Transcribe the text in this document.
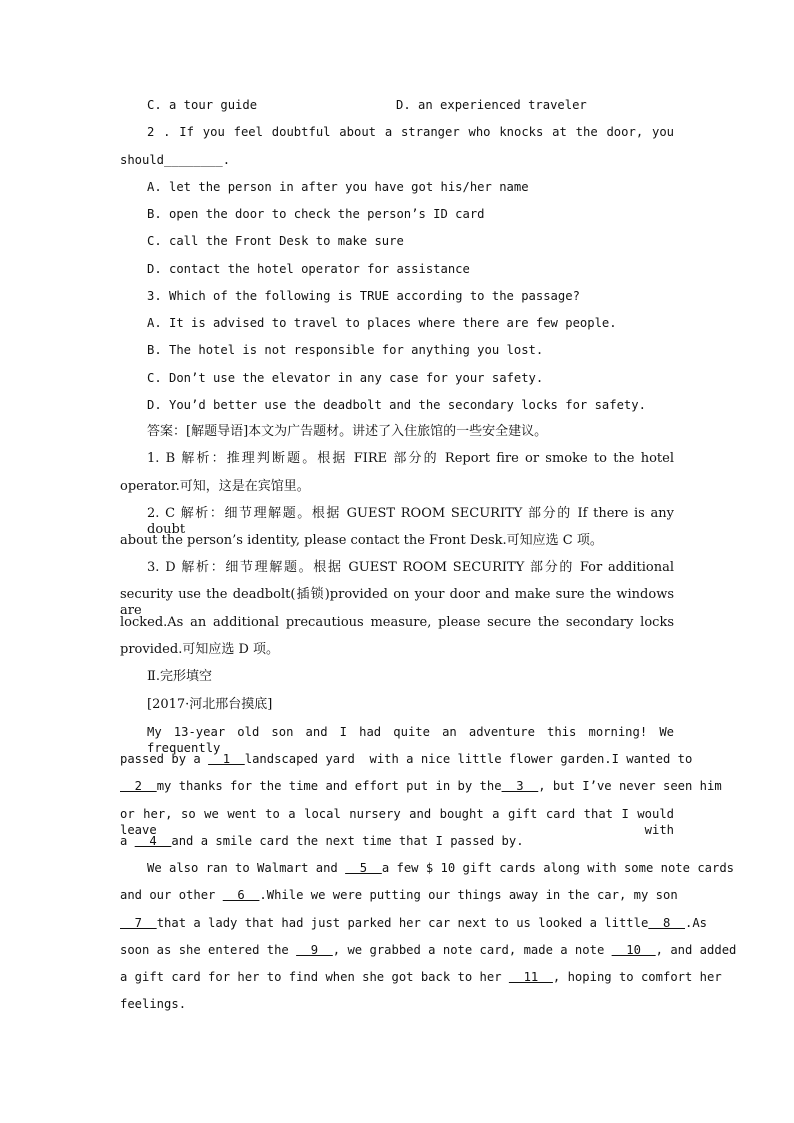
C. a tour guide	D. an experienced traveler
2 . If you feel doubtful about a stranger who knocks at the door, you
should________.
A. let the person in after you have got his/her name
B. open the door to check the person’s ID card
C. call the Front Desk to make sure
D. contact the hotel operator for assistance
3. Which of the following is TRUE according to the passage?
A. It is advised to travel to places where there are few people.
B. The hotel is not responsible for anything you lost.
C. Don’t use the elevator in any case for your safety.
D. You’d better use the deadbolt and the secondary locks for safety.
答案：[解题导语]本文为广告题材。讲述了入住旅馆的一些安全建议。
1. B 解析：推理判断题。根据 FIRE 部分的 Report fire or smoke to the hotel
operator.可知，这是在宾馆里。
2. C 解析：细节理解题。根据 GUEST ROOM SECURITY 部分的 If there is any doubt
about the person’s identity, please contact the Front Desk.可知应选 C 项。
3. D 解析：细节理解题。根据 GUEST ROOM SECURITY 部分的 For additional
security use the deadbolt(插锁)provided on your door and make sure the windows are
locked.As an additional precautious measure, please secure the secondary locks
provided.可知应选 D 项。
Ⅱ.完形填空
[2017·河北邢台摸底]
My 13-year old son and I had quite an adventure this morning! We frequently
passed by a   1  landscaped yard  with a nice little flower garden.I wanted to
2  my thanks for the time and effort put in by the  3  , but I’ve never seen him
or her, so we went to a local nursery and bought a gift card that I would leave with
a   4  and a smile card the next time that I passed by.
We also ran to Walmart and   5  a few $ 10 gift cards along with some note cards
and our other   6  .While we were putting our things away in the car, my son
7  that a lady that had just parked her car next to us looked a little  8  .As
soon as she entered the   9  , we grabbed a note card, made a note   10  , and added
a gift card for her to find when she got back to her   11  , hoping to comfort her
feelings.
